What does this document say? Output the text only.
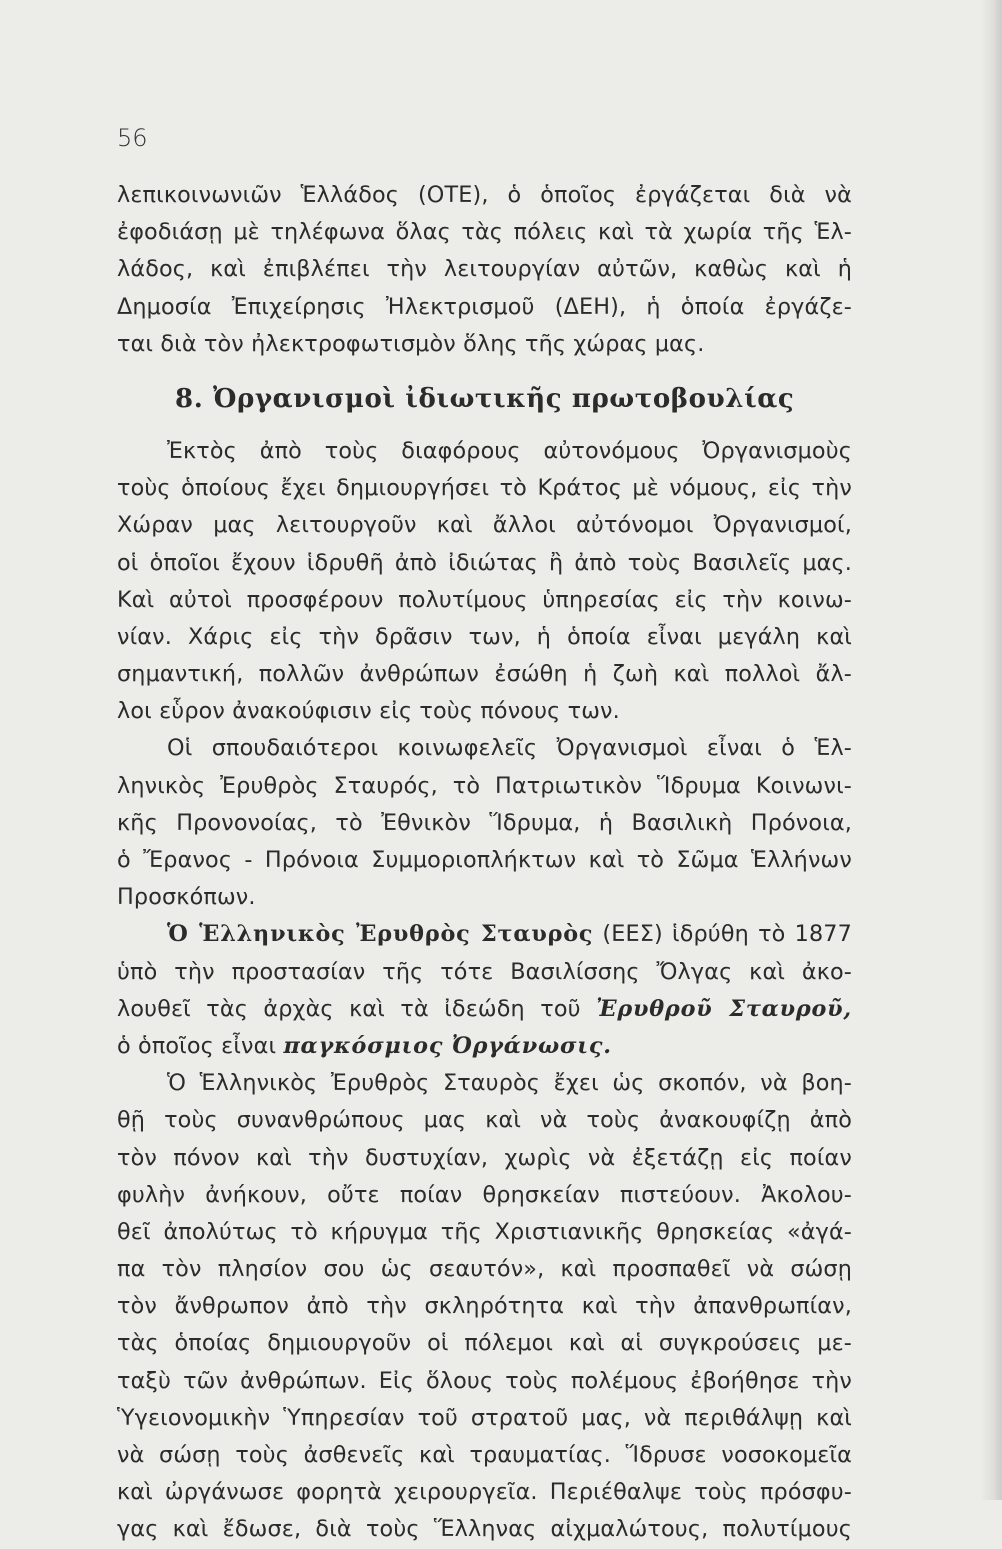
56
λεπικοινωνιῶν Ἑλλάδος (ΟΤΕ), ὁ ὁποῖος ἐργάζεται διὰ νὰ
ἐφοδιάσῃ μὲ τηλέφωνα ὅλας τὰς πόλεις καὶ τὰ χωρία τῆς Ἑλ-
λάδος, καὶ ἐπιβλέπει τὴν λειτουργίαν αὐτῶν, καθὼς καὶ ἡ
Δημοσία Ἐπιχείρησις Ἠλεκτρισμοῦ (ΔΕΗ), ἡ ὁποία ἐργάζε-
ται διὰ τὸν ἠλεκτροφωτισμὸν ὅλης τῆς χώρας μας.
8. Ὀργανισμοὶ ἰδιωτικῆς πρωτοβουλίας
Ἐκτὸς ἀπὸ τοὺς διαφόρους αὐτονόμους Ὀργανισμοὺς
τοὺς ὁποίους ἔχει δημιουργήσει τὸ Κράτος μὲ νόμους, εἰς τὴν
Χώραν μας λειτουργοῦν καὶ ἄλλοι αὐτόνομοι Ὀργανισμοί,
οἱ ὁποῖοι ἔχουν ἱδρυθῆ ἀπὸ ἰδιώτας ἢ ἀπὸ τοὺς Βασιλεῖς μας.
Καὶ αὐτοὶ προσφέρουν πολυτίμους ὑπηρεσίας εἰς τὴν κοινω-
νίαν. Χάρις εἰς τὴν δρᾶσιν των, ἡ ὁποία εἶναι μεγάλη καὶ
σημαντική, πολλῶν ἀνθρώπων ἐσώθη ἡ ζωὴ καὶ πολλοὶ ἄλ-
λοι εὗρον ἀνακούφισιν εἰς τοὺς πόνους των.
Οἱ σπουδαιότεροι κοινωφελεῖς Ὀργανισμοὶ εἶναι ὁ Ἑλ-
ληνικὸς Ἐρυθρὸς Σταυρός, τὸ Πατριωτικὸν Ἵδρυμα Κοινωνι-
κῆς Προνονοίας, τὸ Ἐθνικὸν Ἵδρυμα, ἡ Βασιλικὴ Πρόνοια,
ὁ Ἔρανος - Πρόνοια Συμμοριοπλήκτων καὶ τὸ Σῶμα Ἑλλήνων
Προσκόπων.
Ὁ Ἑλληνικὸς Ἐρυθρὸς Σταυρὸς (ΕΕΣ) ἱδρύθη τὸ 1877
ὑπὸ τὴν προστασίαν τῆς τότε Βασιλίσσης Ὄλγας καὶ ἀκο-
λουθεῖ τὰς ἀρχὰς καὶ τὰ ἰδεώδη τοῦ Ἐρυθροῦ Σταυροῦ,
ὁ ὁποῖος εἶναι παγκόσμιος Ὀργάνωσις.
Ὁ Ἑλληνικὸς Ἐρυθρὸς Σταυρὸς ἔχει ὡς σκοπόν, νὰ βοη-
θῇ τοὺς συνανθρώπους μας καὶ νὰ τοὺς ἀνακουφίζῃ ἀπὸ
τὸν πόνον καὶ τὴν δυστυχίαν, χωρὶς νὰ ἐξετάζῃ εἰς ποίαν
φυλὴν ἀνήκουν, οὔτε ποίαν θρησκείαν πιστεύουν. Ἀκολου-
θεῖ ἀπολύτως τὸ κήρυγμα τῆς Χριστιανικῆς θρησκείας «ἀγά-
πα τὸν πλησίον σου ὡς σεαυτόν», καὶ προσπαθεῖ νὰ σώσῃ
τὸν ἄνθρωπον ἀπὸ τὴν σκληρότητα καὶ τὴν ἀπανθρωπίαν,
τὰς ὁποίας δημιουργοῦν οἱ πόλεμοι καὶ αἱ συγκρούσεις με-
ταξὺ τῶν ἀνθρώπων. Εἰς ὅλους τοὺς πολέμους ἐβοήθησε τὴν
Ὑγειονομικὴν Ὑπηρεσίαν τοῦ στρατοῦ μας, νὰ περιθάλψῃ καὶ
νὰ σώσῃ τοὺς ἀσθενεῖς καὶ τραυματίας. Ἵδρυσε νοσοκομεῖα
καὶ ὠργάνωσε φορητὰ χειρουργεῖα. Περιέθαλψε τοὺς πρόσφυ-
γας καὶ ἔδωσε, διὰ τοὺς Ἕλληνας αἰχμαλώτους, πολυτίμους
